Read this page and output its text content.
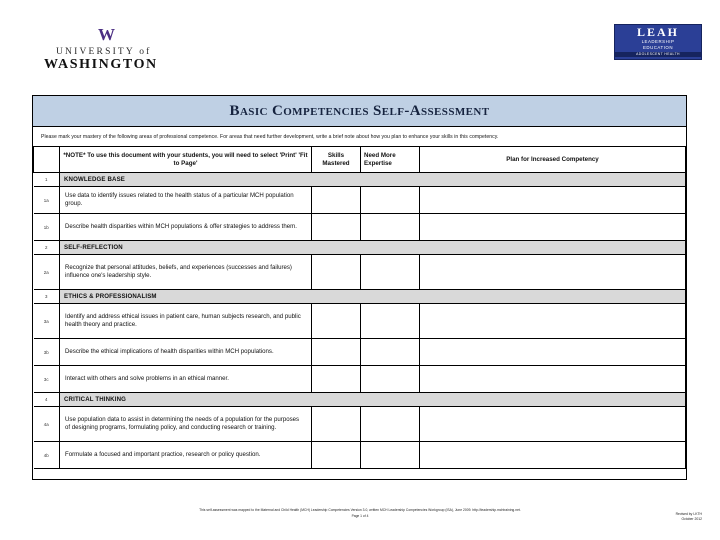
W
UNIVERSITY of
WASHINGTON
LEAH
LEADERSHIP
EDUCATION
ADOLESCENT HEALTH
Basic Competencies Self-Assessment
Please mark your mastery of the following areas of professional competence. For areas that need further development, write a brief note about how you plan to enhance your skills in this competency.
	*NOTE* To use this document with your students, you will need to select 'Print' 'Fit to Page'	Skills Mastered	Need More Expertise	Plan for Increased Competency
1	KNOWLEDGE BASE			
1a	Use data to identify issues related to the health status of a particular MCH population group.			
1b	Describe health disparities within MCH populations & offer strategies to address them.			
2	SELF-REFLECTION			
2a	Recognize that personal attitudes, beliefs, and experiences (successes and failures) influence one's leadership style.			
3	ETHICS & PROFESSIONALISM			
3a	Identify and address ethical issues in patient care, human subjects research, and public health theory and practice.			
3b	Describe the ethical implications of health disparities within MCH populations.			
3c	Interact with others and solve problems in an ethical manner.			
4	CRITICAL THINKING			
4a	Use population data to assist in determining the needs of a population for the purposes of designing programs, formulating policy, and conducting research or training.			
4b	Formulate a focused and important practice, research or policy question.			
This self-assessment was mapped to the Maternal and Child Health (MCH) Leadership Competencies Version 3.0, written MCH Leadership Competencies Workgroup (ISA), June 2009. http://leadership.mchtraining.net.
Page 1 of 4	Revised by LKTH
October 2012
